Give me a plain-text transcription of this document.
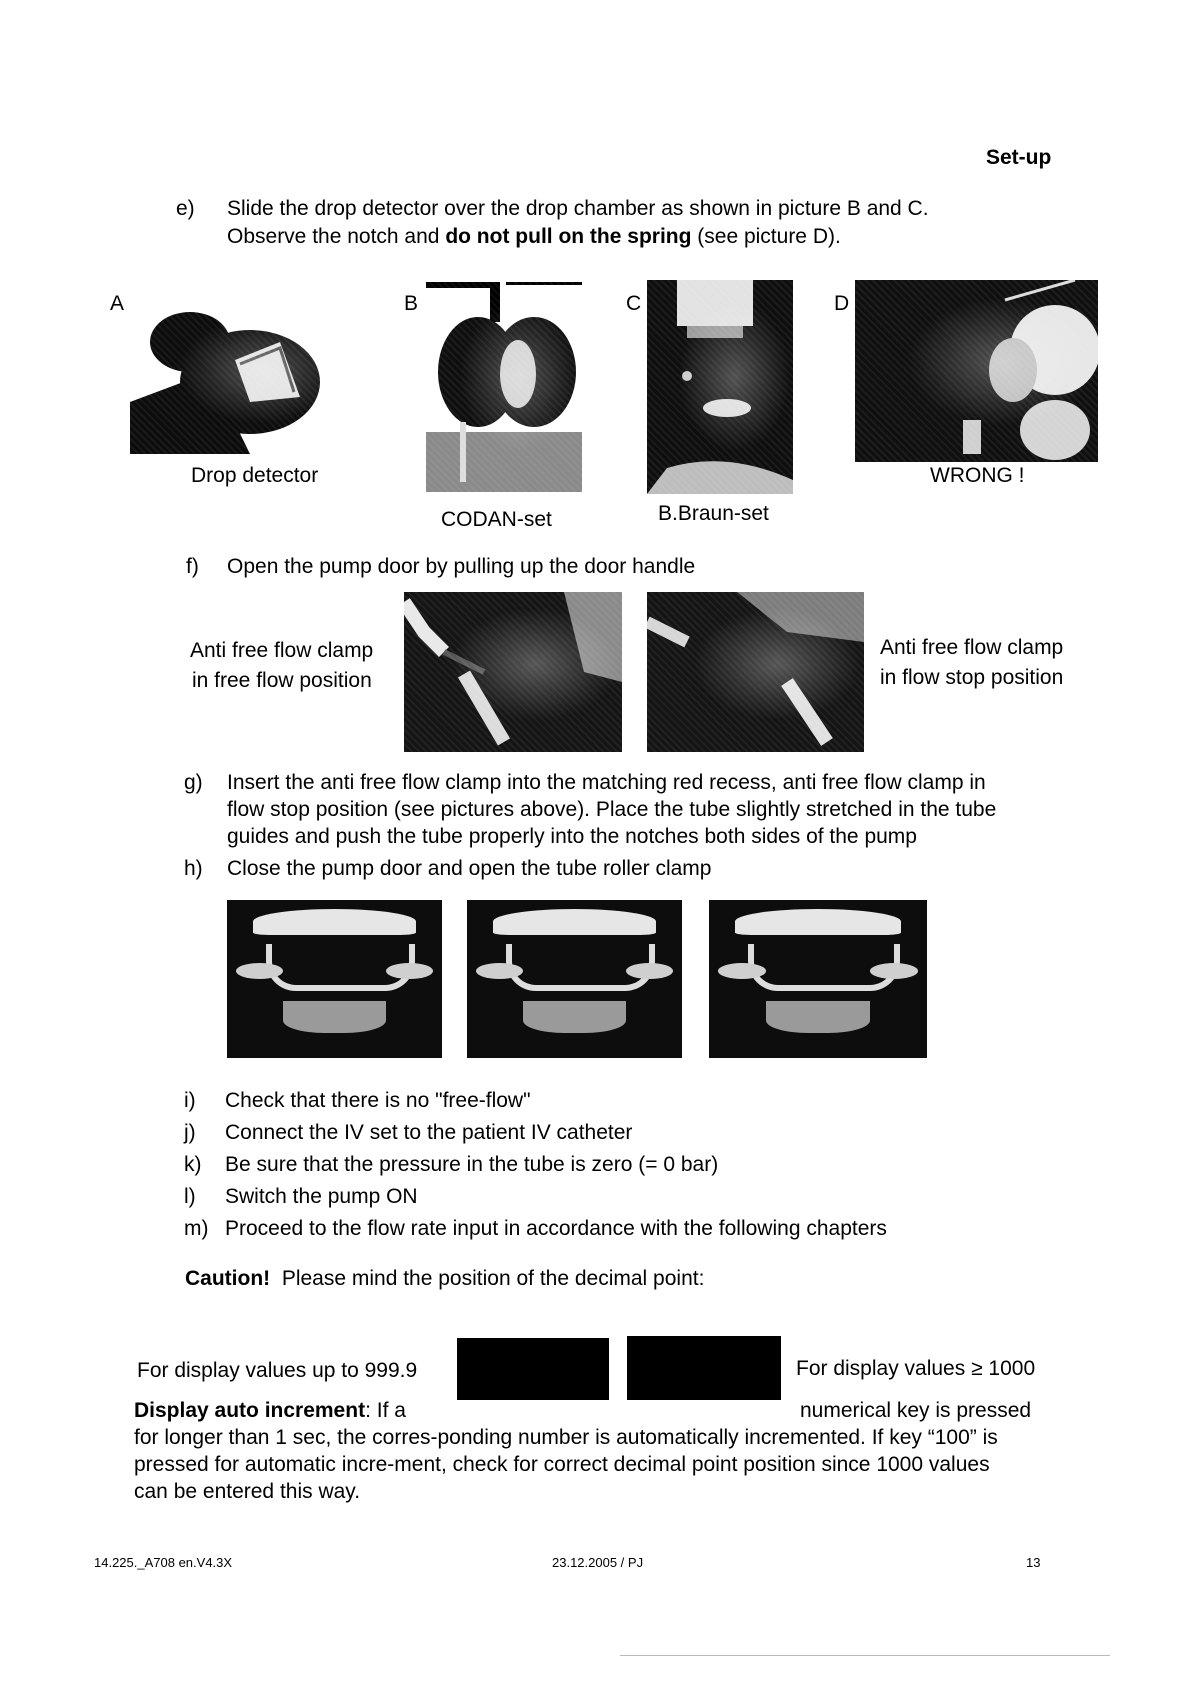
Set-up
e) Slide the drop detector over the drop chamber as shown in picture B and C.
Observe the notch and do not pull on the spring (see picture D).
A
Drop detector
B
CODAN-set
C
B.Braun-set
D
WRONG !
f) Open the pump door by pulling up the door handle
Anti free flow clamp
in free flow position
Anti free flow clamp
in flow stop position
g) Insert the anti free flow clamp into the matching red recess, anti free flow clamp in
flow stop position (see pictures above). Place the tube slightly stretched in the tube
guides and push the tube properly into the notches both sides of the pump
h) Close the pump door and open the tube roller clamp
i) Check that there is no "free-flow"
j) Connect the IV set to the patient IV catheter
k) Be sure that the pressure in the tube is zero (= 0 bar)
l) Switch the pump ON
m) Proceed to the flow rate input in accordance with the following chapters
Caution! Please mind the position of the decimal point:
For display values up to 999.9	For display values ≥ 1000
Display auto increment: If a	numerical key is pressed
for longer than 1 sec, the corres-ponding number is automatically incremented. If key “100” is
pressed for automatic incre-ment, check for correct decimal point position since 1000 values
can be entered this way.
14.225._A708 en.V4.3X	23.12.2005 / PJ	13
